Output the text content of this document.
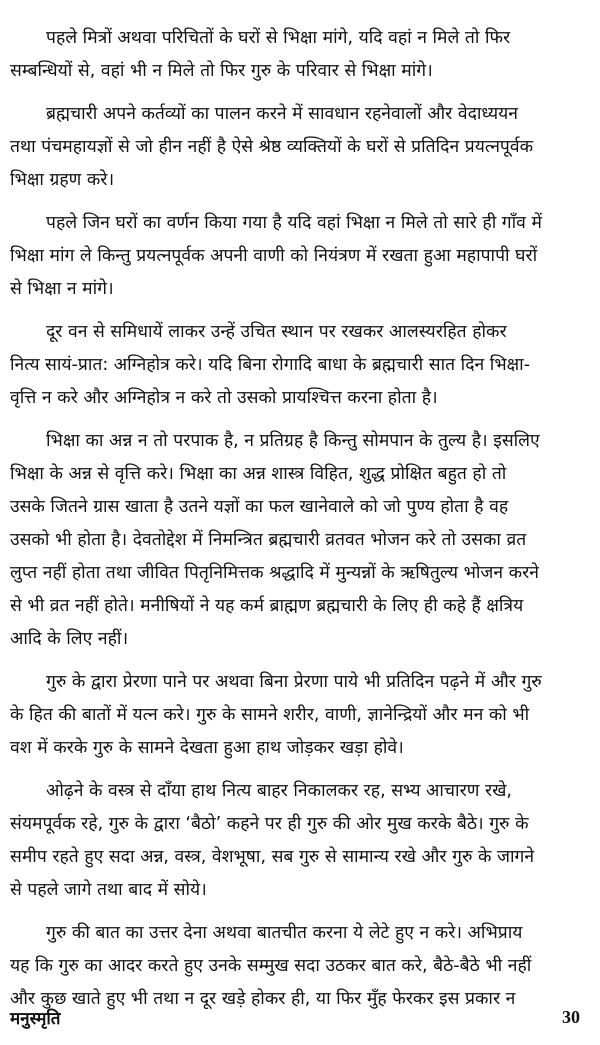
पहले मित्रों अथवा परिचितों के घरों से भिक्षा मांगे, यदि वहां न मिले तो फिर
सम्बन्धियों से, वहां भी न मिले तो फिर गुरु के परिवार से भिक्षा मांगे।
ब्रह्मचारी अपने कर्तव्यों का पालन करने में सावधान रहनेवालों और वेदाध्ययन
तथा पंचमहायज्ञों से जो हीन नहीं है ऐसे श्रेष्ठ व्यक्तियों के घरों से प्रतिदिन प्रयत्नपूर्वक
भिक्षा ग्रहण करे।
पहले जिन घरों का वर्णन किया गया है यदि वहां भिक्षा न मिले तो सारे ही गाँव में
भिक्षा मांग ले किन्तु प्रयत्नपूर्वक अपनी वाणी को नियंत्रण में रखता हुआ महापापी घरों
से भिक्षा न मांगे।
दूर वन से समिधायें लाकर उन्हें उचित स्थान पर रखकर आलस्यरहित होकर
नित्य सायं-प्रात: अग्निहोत्र करे। यदि बिना रोगादि बाधा के ब्रह्मचारी सात दिन भिक्षा-
वृत्ति न करे और अग्निहोत्र न करे तो उसको प्रायश्चित्त करना होता है।
भिक्षा का अन्न न तो परपाक है, न प्रतिग्रह है किन्तु सोमपान के तुल्य है। इसलिए
भिक्षा के अन्न से वृत्ति करे। भिक्षा का अन्न शास्त्र विहित, शुद्ध प्रोक्षित बहुत हो तो
उसके जितने ग्रास खाता है उतने यज्ञों का फल खानेवाले को जो पुण्य होता है वह
उसको भी होता है। देवतोद्देश में निमन्त्रित ब्रह्मचारी व्रतवत भोजन करे तो उसका व्रत
लुप्त नहीं होता तथा जीवित पितृनिमित्तक श्रद्धादि में मुन्यन्नों के ऋषितुल्य भोजन करने
से भी व्रत नहीं होते। मनीषियों ने यह कर्म ब्राह्मण ब्रह्मचारी के लिए ही कहे हैं क्षत्रिय
आदि के लिए नहीं।
गुरु के द्वारा प्रेरणा पाने पर अथवा बिना प्रेरणा पाये भी प्रतिदिन पढ़ने में और गुरु
के हित की बातों में यत्न करे। गुरु के सामने शरीर, वाणी, ज्ञानेन्द्रियों और मन को भी
वश में करके गुरु के सामने देखता हुआ हाथ जोड़कर खड़ा होवे।
ओढ़ने के वस्त्र से दाँया हाथ नित्य बाहर निकालकर रह, सभ्य आचारण रखे,
संयमपूर्वक रहे, गुरु के द्वारा ‘बैठो’ कहने पर ही गुरु की ओर मुख करके बैठे। गुरु के
समीप रहते हुए सदा अन्न, वस्त्र, वेशभूषा, सब गुरु से सामान्य रखे और गुरु के जागने
से पहले जागे तथा बाद में सोये।
गुरु की बात का उत्तर देना अथवा बातचीत करना ये लेटे हुए न करे। अभिप्राय
यह कि गुरु का आदर करते हुए उनके सम्मुख सदा उठकर बात करे, बैठे-बैठे भी नहीं
और कुछ खाते हुए भी तथा न दूर खड़े होकर ही, या फिर मुँह फेरकर इस प्रकार न
मनुस्मृति	30
